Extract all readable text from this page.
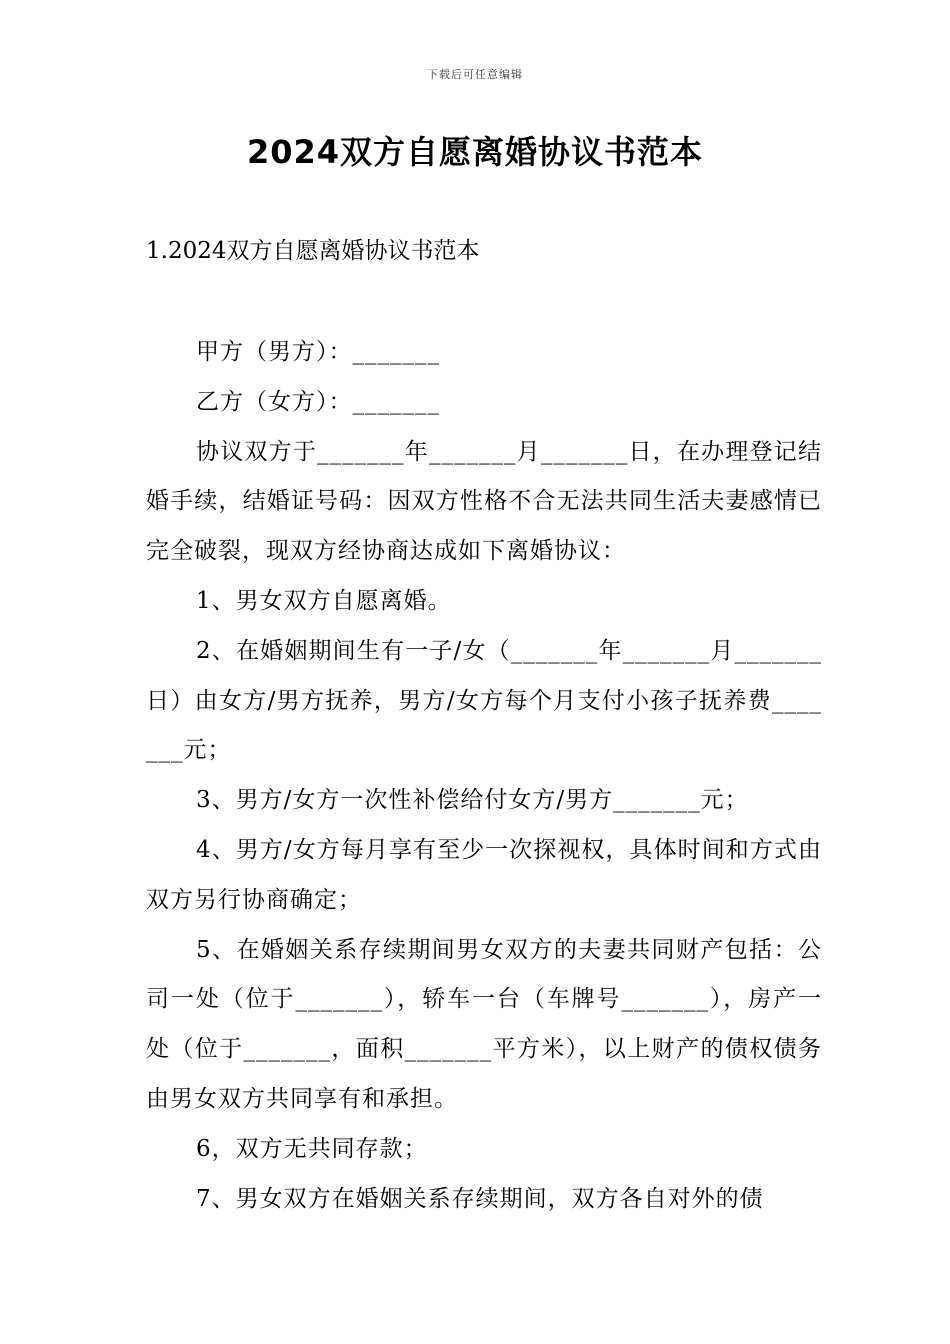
下载后可任意编辑
2024双方自愿离婚协议书范本
1.2024双方自愿离婚协议书范本

甲方（男方）：_______

乙方（女方）：_______

协议双方于_______年_______月_______日，在办理登记结婚手续，结婚证号码：因双方性格不合无法共同生活夫妻感情已完全破裂，现双方经协商达成如下离婚协议：

1、男女双方自愿离婚。

2、在婚姻期间生有一子/女（_______年_______月_______日）由女方/男方抚养，男方/女方每个月支付小孩子抚养费_______元；

3、男方/女方一次性补偿给付女方/男方_______元；

4、男方/女方每月享有至少一次探视权，具体时间和方式由双方另行协商确定；

5、在婚姻关系存续期间男女双方的夫妻共同财产包括：公司一处（位于_______），轿车一台（车牌号_______），房产一处（位于_______，面积_______平方米），以上财产的债权债务由男女双方共同享有和承担。

6，双方无共同存款；

7、男女双方在婚姻关系存续期间，双方各自对外的债
